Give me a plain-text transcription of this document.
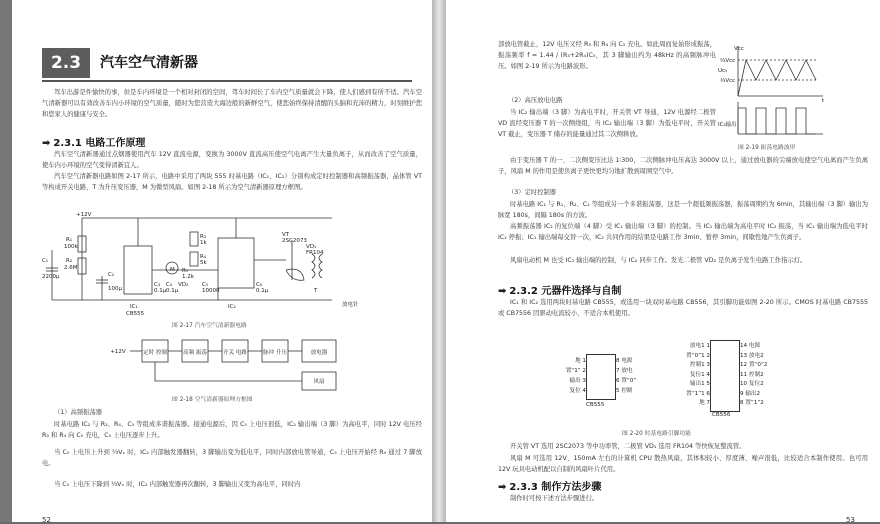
2.3	汽车空气清新器
驾车出游是件愉快的事，但是车内环境是一个相对封闭的空间，驾车时间长了车内空气质量就会下降，使人们感到有所不适。汽车空气清新器可以有效改善车内小环境的空气质量，随时为您营造大海边般的新鲜空气，使您始终保持清醒的头脑和充沛的精力，时刻维护您和您家人的健康与安全。
➡ 2.3.1 电路工作原理
汽车空气清新器通过点烟器使用汽车 12V 直流电源，变换为 3000V 直流高压使空气电离产生大量负离子，从而改善了空气质量，使车内小环境的空气变得清新宜人。
汽车空气清新器电路如图 2-17 所示，电路中采用了两块 555 时基电路（IC₁、IC₂）分别构成定时控制器和高频振荡器，晶体管 VT 等构成开关电路，T 为升压变压器，M 为微型风扇。如图 2-18 所示为空气清新器原理方框图。
+12V
R₁
100k
R₂
2.6M
C₁
2200μ	C₂
100μ
IC₁
CB555
R₃
1k
R₄
5k
R₅
1.2k
C₃
0.1μ
C₄
0.1μ
C₅
10000
C₆
0.1μ
IC₂
VT
2SC2073
VD₁
FR104
放电针
T
VD₂
M
图 2-17 汽车空气清新器电路
+12V	定时 控制	高频 振荡	开关 电路	脉冲 升压	放电器
风扇
图 2-18 空气清新器原理方框图
（1）高频振荡器
时基电路 IC₂ 与 R₃、R₄、C₅ 等组成多谐振荡器。接通电源后，因 C₅ 上电压很低，IC₂ 输出端（3 脚）为高电平，同时 12V 电压经 R₃ 和 R₄ 向 C₅ 充电，C₅ 上电压逐步上升。
当 C₅ 上电压上升到 ⅔Vₓ 时，IC₂ 内部触发器翻转，3 脚输出变为低电平，同时内部放电管导通，C₅ 上电压开始经 R₄ 通过 7 脚放电。
当 C₅ 上电压下降到 ⅓Vₓ 时，IC₂ 内部触发器再次翻转，3 脚输出又变为高电平，同时内
52
部放电管截止，12V 电压又经 R₃ 和 R₄ 向 C₅ 充电。如此周而复始形成振荡，振荡频率 f = 1.44 / (R₃+2R₄)C₅，其 3 脚输出约为 48kHz 的高频脉冲电压。如图 2-19 所示为电路波形。
（2）高压放电电路
当 IC₂ 输出端（3 脚）为高电平时，开关管 VT 导通，12V 电源经二极管 VD 流经变压器 T 的一次侧绕组，当 IC₂ 输出端（3 脚）为低电平时，开关管 VT 截止，变压器 T 储存的能量通过其二次侧释放。
Vcc
⅔Vcc
⅓Vcc
Uc₅
IC₂输出
t
图 2-19 振荡电路波形
由于变压器 T 的一、二次侧变压比达 1∶300，二次侧脉冲电压高达 3000V 以上，通过放电器的尖端放电使空气电离而产生负离子，风扇 M 的作用是使负离子更快更均匀地扩散到周围空气中。
（3）定时控制器
时基电路 IC₁ 与 R₁、R₂、C₂ 等组成另一个多谐振荡器，这是一个超低频振荡器，振荡周期约为 6min，其输出端（3 脚）输出为脉宽 180s，间隔 180s 的方波。
高频振荡器 IC₂ 的复位端（4 脚）受 IC₁ 输出端（3 脚）的控制。当 IC₁ 输出端为高电平时 IC₂ 振荡，当 IC₁ 输出端为低电平时 IC₂ 停振；IC₁ 输出端每交替一次，IC₂ 共同作用的结果是电路工作 3min、暂停 3min，间歇性地产生负离子。
风扇电动机 M 也受 IC₁ 输出端的控制，与 IC₂ 同步工作。发光二极管 VD₂ 是负离子发生电路工作指示灯。
➡ 2.3.2 元器件选择与自制
IC₁ 和 IC₂ 选用两块时基电路 CB555，或选用一块双时基电路 CB556，其引脚功能如图 2-20 所示。CMOS 时基电路 CB7555 或 CB7556 因驱动电流较小，不适合本机使用。
地 1
置“1” 2
输出 3
复位 4
8 电源
7 放电
6 置“0”
5 控制
CB555
放电1 1
置“0”1 2
控制1 3
复位1 4
输出1 5
置“1”1 6
地 7
14 电源
13 放电2
12 置“0”2
11 控制2
10 复位2
9 输出2
8 置“1”2
CB556
图 2-20 时基电路引脚功能
开关管 VT 选用 2SC2073 等中功率管，二极管 VD₁ 选用 FR104 等快恢复整流管。
风扇 M 可选用 12V、150mA 左右的计算机 CPU 散热风扇，其体积较小、厚度薄、噪声很低，比较适合本制作使用。也可用 12V 玩具电动机配以自制的风扇叶片代用。
➡ 2.3.3 制作方法步骤
制作时可按下述方法步骤进行。
53
